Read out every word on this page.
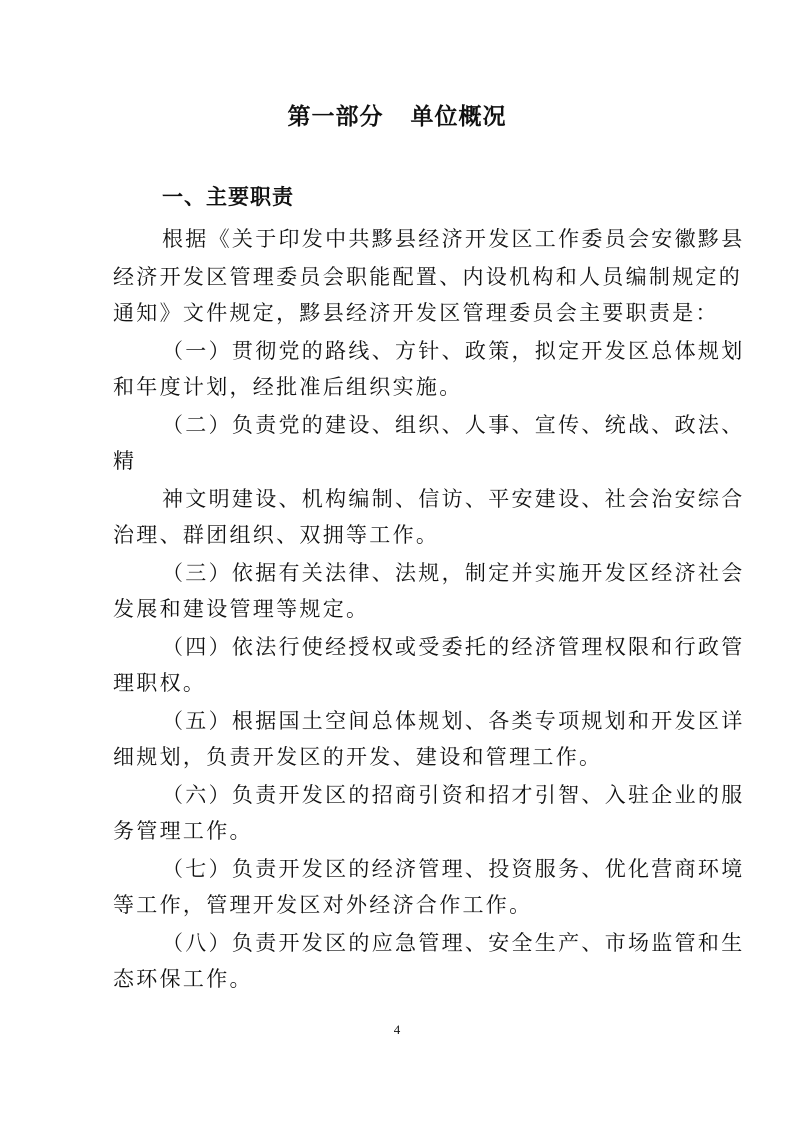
第一部分   单位概况
一、主要职责
根据《关于印发中共黟县经济开发区工作委员会安徽黟县
经济开发区管理委员会职能配置、内设机构和人员编制规定的
通知》文件规定，黟县经济开发区管理委员会主要职责是：
（一）贯彻党的路线、方针、政策，拟定开发区总体规划
和年度计划，经批准后组织实施。
（二）负责党的建设、组织、人事、宣传、统战、政法、
精
神文明建设、机构编制、信访、平安建设、社会治安综合
治理、群团组织、双拥等工作。
（三）依据有关法律、法规，制定并实施开发区经济社会
发展和建设管理等规定。
（四）依法行使经授权或受委托的经济管理权限和行政管
理职权。
（五）根据国土空间总体规划、各类专项规划和开发区详
细规划，负责开发区的开发、建设和管理工作。
（六）负责开发区的招商引资和招才引智、入驻企业的服
务管理工作。
（七）负责开发区的经济管理、投资服务、优化营商环境
等工作，管理开发区对外经济合作工作。
（八）负责开发区的应急管理、安全生产、市场监管和生
态环保工作。
4
